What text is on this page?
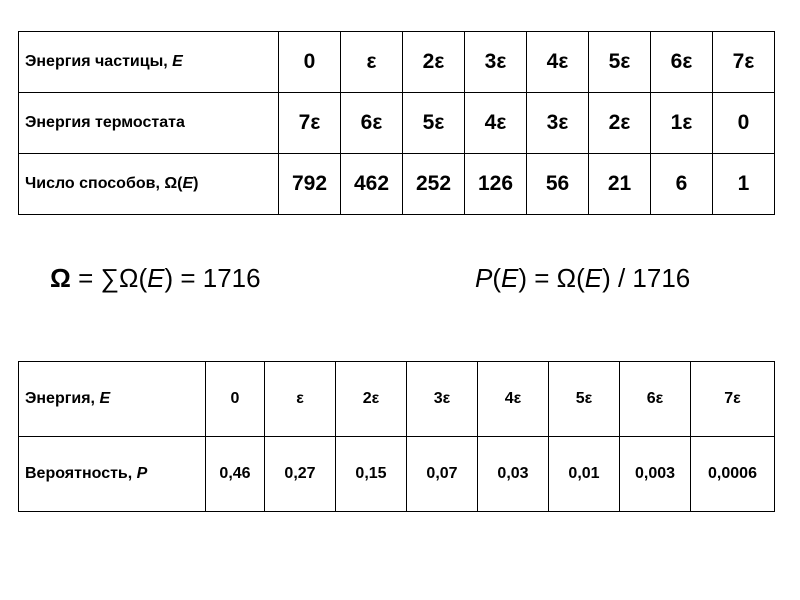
Энергия частицы, E	0	ε	2ε	3ε	4ε	5ε	6ε	7ε
Энергия термостата	7ε	6ε	5ε	4ε	3ε	2ε	1ε	0
Число способов, Ω(E)	792	462	252	126	56	21	6	1
Ω = ∑Ω(E) = 1716	P(E) = Ω(E) / 1716
Энергия, E	0	ε	2ε	3ε	4ε	5ε	6ε	7ε
Вероятность, P	0,46	0,27	0,15	0,07	0,03	0,01	0,003	0,0006
